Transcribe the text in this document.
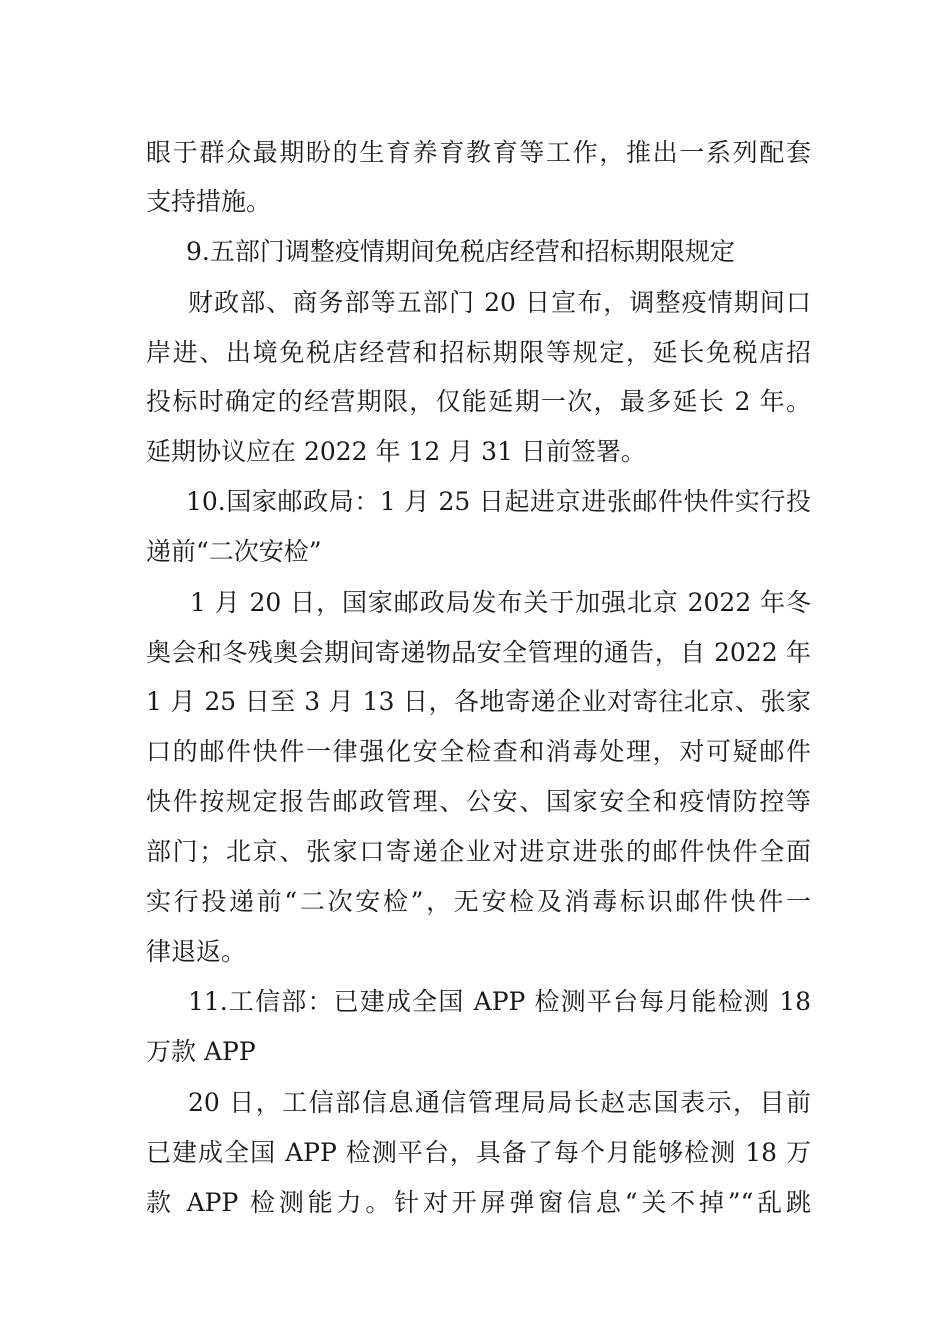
眼于群众最期盼的生育养育教育等工作，推出一系列配套
支持措施。
9.五部门调整疫情期间免税店经营和招标期限规定
财政部、商务部等五部门 20 日宣布，调整疫情期间口
岸进、出境免税店经营和招标期限等规定，延长免税店招
投标时确定的经营期限，仅能延期一次，最多延长 2 年。
延期协议应在 2022 年 12 月 31 日前签署。
10.国家邮政局：1 月 25 日起进京进张邮件快件实行投
递前“二次安检”
1 月 20 日，国家邮政局发布关于加强北京 2022 年冬
奥会和冬残奥会期间寄递物品安全管理的通告，自 2022 年
1 月 25 日至 3 月 13 日，各地寄递企业对寄往北京、张家
口的邮件快件一律强化安全检查和消毒处理，对可疑邮件
快件按规定报告邮政管理、公安、国家安全和疫情防控等
部门；北京、张家口寄递企业对进京进张的邮件快件全面
实行投递前“二次安检”，无安检及消毒标识邮件快件一
律退返。
11.工信部：已建成全国 APP 检测平台每月能检测 18
万款 APP
20 日，工信部信息通信管理局局长赵志国表示，目前
已建成全国 APP 检测平台，具备了每个月能够检测 18 万
款 APP 检测能力。针对开屏弹窗信息“关不掉”“乱跳
